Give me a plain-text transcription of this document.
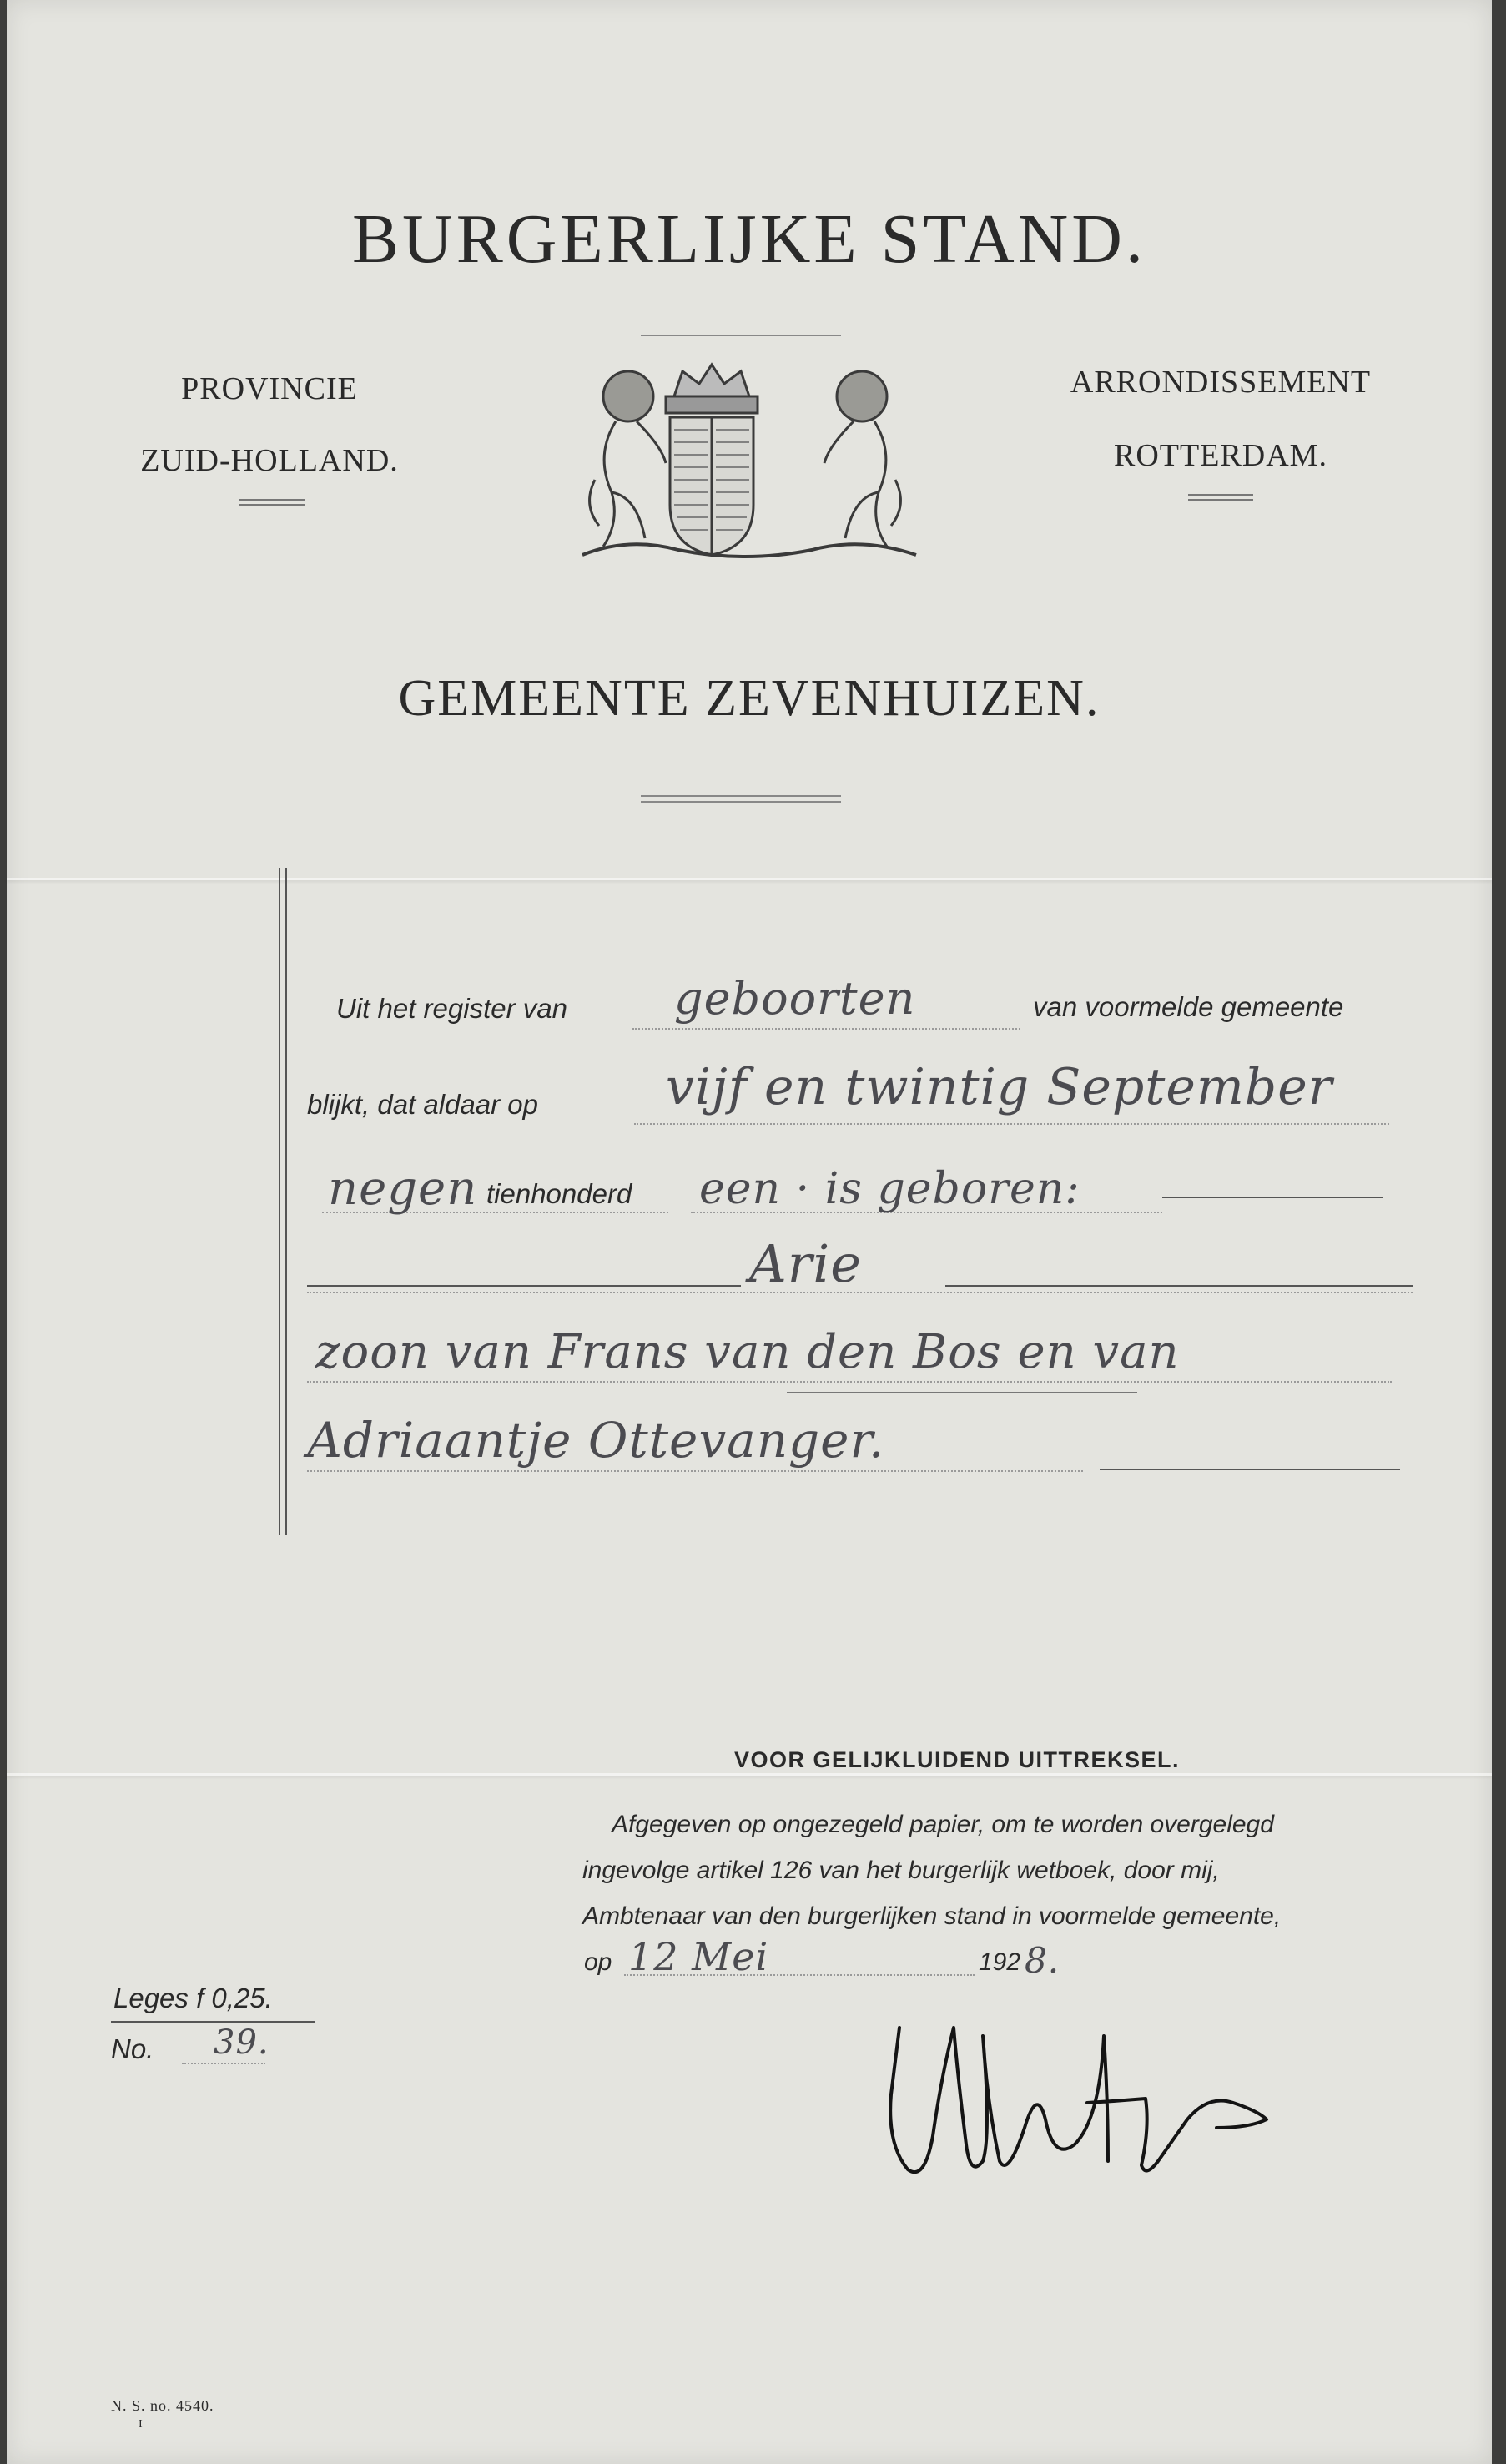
BURGERLIJKE STAND.
PROVINCIE
ZUID-HOLLAND.
ARRONDISSEMENT
ROTTERDAM.
GEMEENTE ZEVENHUIZEN.
Uit het register van geboorten	van voormelde gemeente
blijkt, dat aldaar op	vijf en twintig September
negen tienhonderd een · is geboren:
Arie
zoon van Frans van den Bos en van
Adriaantje Ottevanger.
VOOR GELIJKLUIDEND UITTREKSEL.
Afgegeven op ongezegeld papier, om te worden overgelegd
ingevolge artikel 126 van het burgerlijk wetboek, door mij,
Ambtenaar van den burgerlijken stand in voormelde gemeente,
op 12 Mei	192 8.
Leges f 0,25.
No. 39.
N. S. no. 4540.
I
